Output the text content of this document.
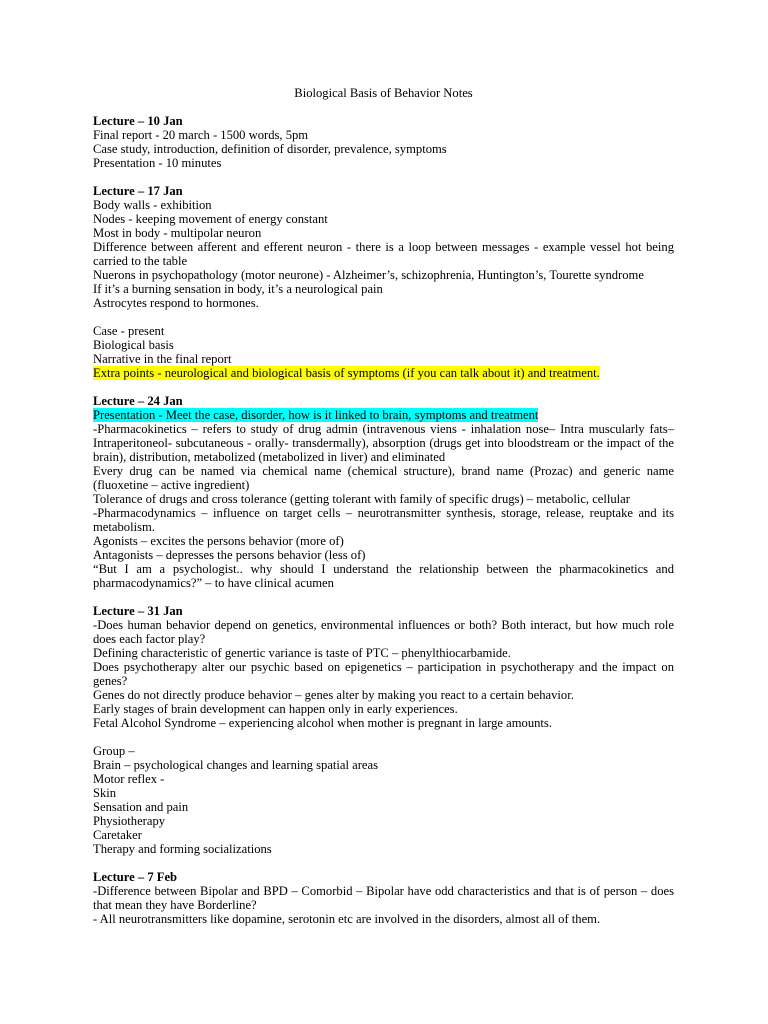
Biological Basis of Behavior Notes
Lecture – 10 Jan
Final report - 20 march - 1500 words, 5pm
Case study, introduction, definition of disorder, prevalence, symptoms
Presentation - 10 minutes
Lecture – 17 Jan
Body walls - exhibition
Nodes - keeping movement of energy constant
Most in body - multipolar neuron
Difference between afferent and efferent neuron - there is a loop between messages - example vessel hot being carried to the table
Nuerons in psychopathology (motor neurone) - Alzheimer’s, schizophrenia, Huntington’s, Tourette syndrome
If it’s a burning sensation in body, it’s a neurological pain
Astrocytes respond to hormones.
Case - present
Biological basis
Narrative in the final report
Extra points - neurological and biological basis of symptoms (if you can talk about it) and treatment.
Lecture – 24 Jan
Presentation - Meet the case, disorder, how is it linked to brain, symptoms and treatment
-Pharmacokinetics – refers to study of drug admin (intravenous viens - inhalation nose– Intra muscularly fats–Intraperitoneol- subcutaneous - orally- transdermally), absorption (drugs get into bloodstream or the impact of the brain), distribution, metabolized (metabolized in liver) and eliminated
Every drug can be named via chemical name (chemical structure), brand name (Prozac) and generic name (fluoxetine – active ingredient)
Tolerance of drugs and cross tolerance (getting tolerant with family of specific drugs) – metabolic, cellular
-Pharmacodynamics – influence on target cells – neurotransmitter synthesis, storage, release, reuptake and its metabolism.
Agonists – excites the persons behavior (more of)
Antagonists – depresses the persons behavior (less of)
“But I am a psychologist.. why should I understand the relationship between the pharmacokinetics and pharmacodynamics?” – to have clinical acumen
Lecture – 31 Jan
-Does human behavior depend on genetics, environmental influences or both? Both interact, but how much role does each factor play?
Defining characteristic of genertic variance is taste of PTC – phenylthiocarbamide.
Does psychotherapy alter our psychic based on epigenetics – participation in psychotherapy and the impact on genes?
Genes do not directly produce behavior – genes alter by making you react to a certain behavior.
Early stages of brain development can happen only in early experiences.
Fetal Alcohol Syndrome – experiencing alcohol when mother is pregnant in large amounts.
Group –
Brain – psychological changes and learning spatial areas
Motor reflex -
Skin
Sensation and pain
Physiotherapy
Caretaker
Therapy and forming socializations
Lecture – 7 Feb
-Difference between Bipolar and BPD – Comorbid – Bipolar have odd characteristics and that is of person – does that mean they have Borderline?
- All neurotransmitters like dopamine, serotonin etc are involved in the disorders, almost all of them.
